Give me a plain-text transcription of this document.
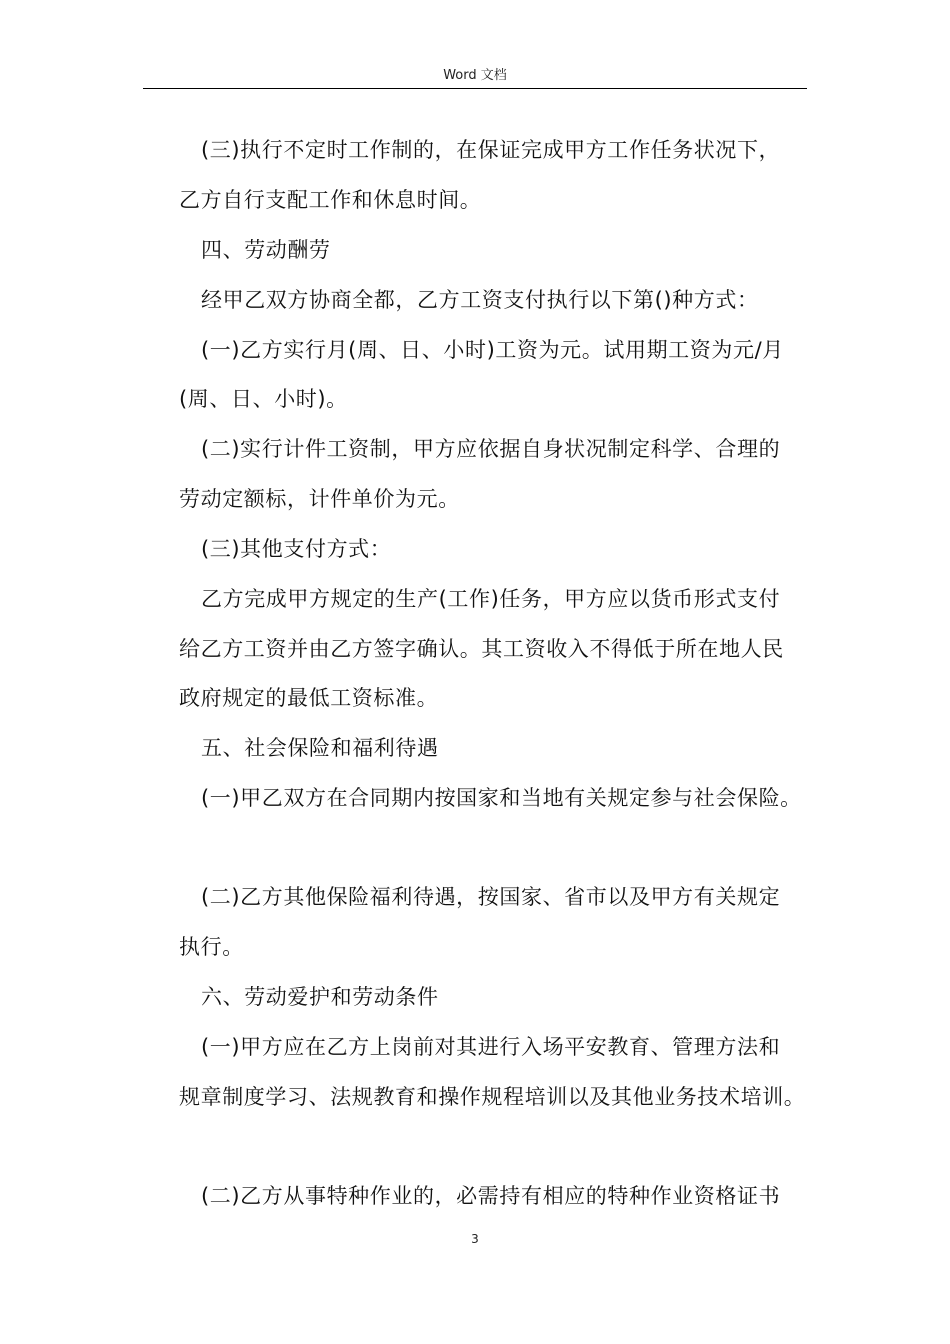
Word 文档
(三)执行不定时工作制的，在保证完成甲方工作任务状况下，
乙方自行支配工作和休息时间。
四、劳动酬劳
经甲乙双方协商全都，乙方工资支付执行以下第()种方式：
(一)乙方实行月(周、日、小时)工资为元。试用期工资为元/月
(周、日、小时)。
(二)实行计件工资制，甲方应依据自身状况制定科学、合理的
劳动定额标，计件单价为元。
(三)其他支付方式：
乙方完成甲方规定的生产(工作)任务，甲方应以货币形式支付
给乙方工资并由乙方签字确认。其工资收入不得低于所在地人民
政府规定的最低工资标准。
五、社会保险和福利待遇
(一)甲乙双方在合同期内按国家和当地有关规定参与社会保险。
(二)乙方其他保险福利待遇，按国家、省市以及甲方有关规定
执行。
六、劳动爱护和劳动条件
(一)甲方应在乙方上岗前对其进行入场平安教育、管理方法和
规章制度学习、法规教育和操作规程培训以及其他业务技术培训。
(二)乙方从事特种作业的，必需持有相应的特种作业资格证书
3
